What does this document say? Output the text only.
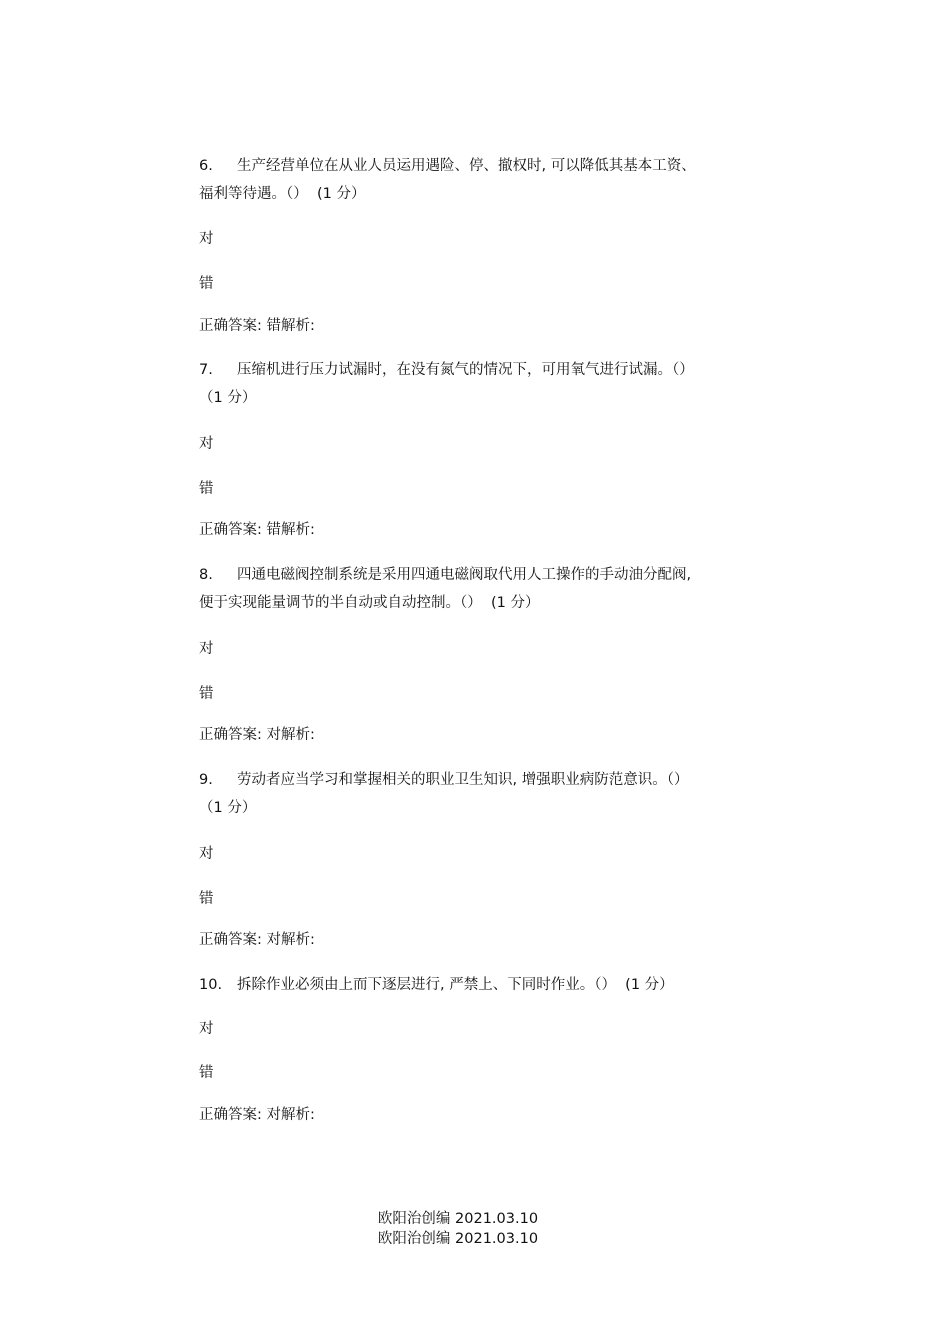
6. 生产经营单位在从业人员运用遇险、停、撤权时, 可以降低其基本工资、
福利等待遇。（）  (1 分）
对
错
正确答案: 错解析:
7. 压缩机进行压力试漏时，在没有氮气的情况下，可用氧气进行试漏。（）
（1 分）
对
错
正确答案: 错解析:
8. 四通电磁阀控制系统是采用四通电磁阀取代用人工操作的手动油分配阀,
便于实现能量调节的半自动或自动控制。（）  (1 分）
对
错
正确答案: 对解析:
9. 劳动者应当学习和掌握相关的职业卫生知识, 增强职业病防范意识。（）
（1 分）
对
错
正确答案: 对解析:
10. 拆除作业必须由上而下逐层进行, 严禁上、下同时作业。（）  (1 分）
对
错
正确答案: 对解析:
欧阳治创编 2021.03.10
欧阳治创编 2021.03.10
